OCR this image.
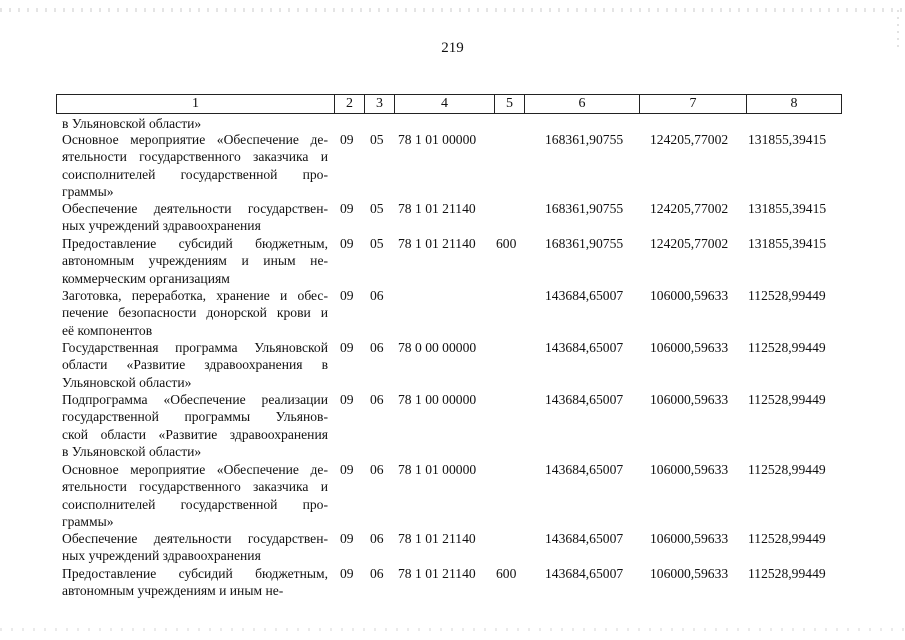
219
1	2	3	4	5	6	7	8
в Ульяновской области»
Основное мероприятие «Обеспечение де-
ятельности государственного заказчика и
соисполнителей государственной про-
граммы»
09 05 78 1 01 00000	168361,90755 124205,77002 131855,39415
Обеспечение деятельности государствен-
ных учреждений здравоохранения
09 05 78 1 01 21140	168361,90755 124205,77002 131855,39415
Предоставление субсидий бюджетным,
автономным учреждениям и иным не-
коммерческим организациям
09 05 78 1 01 21140 600 168361,90755 124205,77002 131855,39415
Заготовка, переработка, хранение и обес-
печение безопасности донорской крови и
её компонентов
09 06	143684,65007 106000,59633 112528,99449
Государственная программа Ульяновской
области «Развитие здравоохранения в
Ульяновской области»
09 06 78 0 00 00000	143684,65007 106000,59633 112528,99449
Подпрограмма «Обеспечение реализации
государственной программы Ульянов-
ской области «Развитие здравоохранения
в Ульяновской области»
09 06 78 1 00 00000	143684,65007 106000,59633 112528,99449
Основное мероприятие «Обеспечение де-
ятельности государственного заказчика и
соисполнителей государственной про-
граммы»
09 06 78 1 01 00000	143684,65007 106000,59633 112528,99449
Обеспечение деятельности государствен-
ных учреждений здравоохранения
09 06 78 1 01 21140	143684,65007 106000,59633 112528,99449
Предоставление субсидий бюджетным,
автономным учреждениям и иным не-
09 06 78 1 01 21140 600 143684,65007 106000,59633 112528,99449
